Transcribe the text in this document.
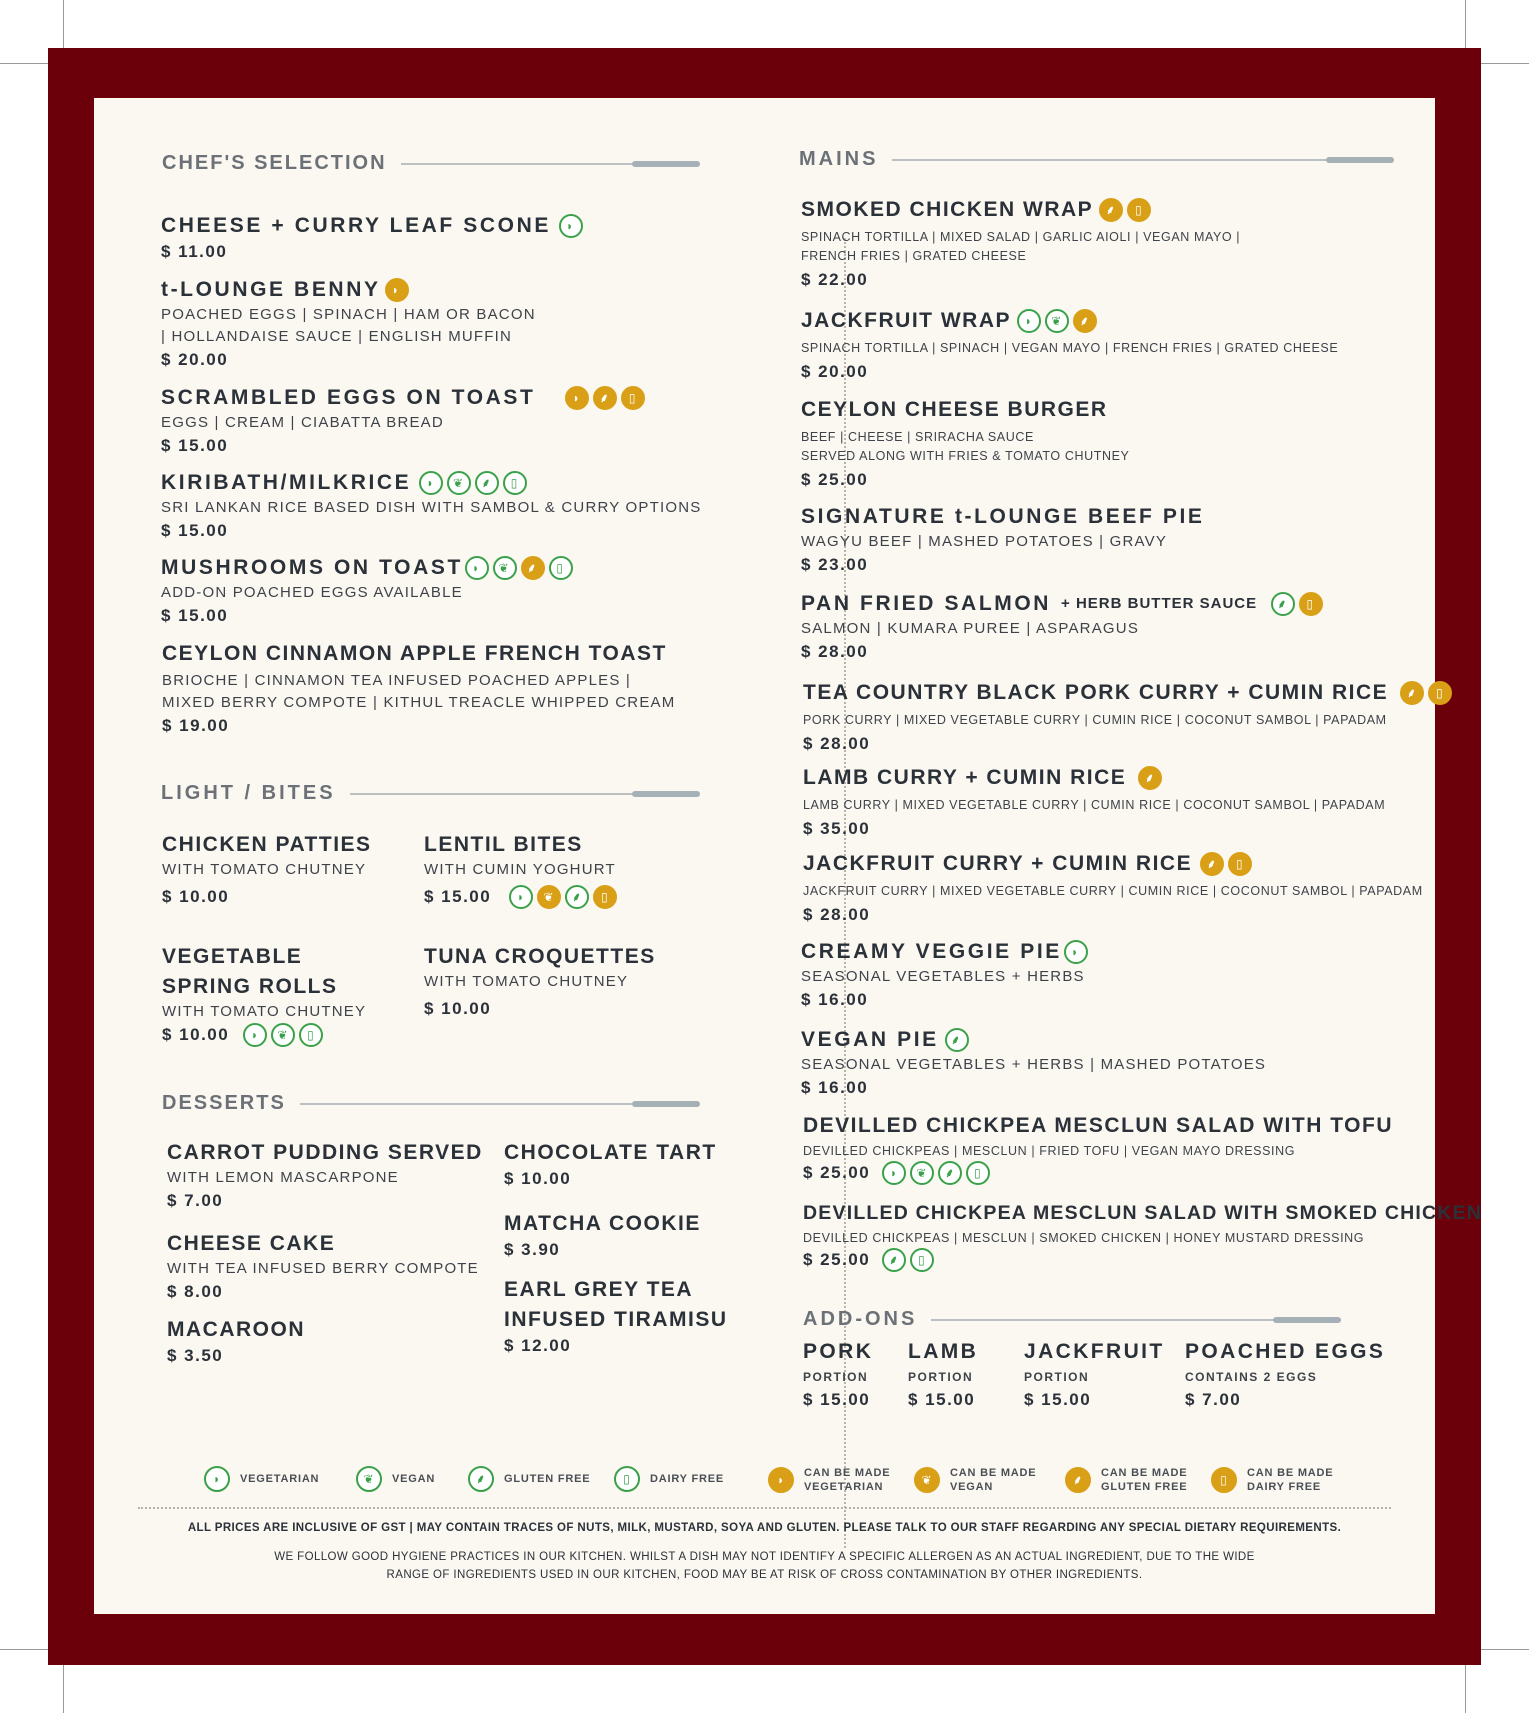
CHEF'S SELECTION
CHEESE + CURRY LEAF SCONE	◗
$ 11.00
t-LOUNGE BENNY ◗
POACHED EGGS | SPINACH | HAM OR BACON
| HOLLANDAISE SAUCE | ENGLISH MUFFIN
$ 20.00
SCRAMBLED EGGS ON TOAST	◗	⸙	▯
EGGS | CREAM | CIABATTA BREAD
$ 15.00
KIRIBATH/MILKRICE	◗	❦	⸙	▯
SRI LANKAN RICE BASED DISH WITH SAMBOL & CURRY OPTIONS
$ 15.00
MUSHROOMS ON TOAST ◗	❦	⸙	▯
ADD-ON POACHED EGGS AVAILABLE
$ 15.00
CEYLON CINNAMON APPLE FRENCH TOAST
BRIOCHE | CINNAMON TEA INFUSED POACHED APPLES |
MIXED BERRY COMPOTE | KITHUL TREACLE WHIPPED CREAM
$ 19.00
LIGHT / BITES
CHICKEN PATTIES
WITH TOMATO CHUTNEY
$ 10.00
LENTIL BITES
WITH CUMIN YOGHURT
$ 15.00	◗	❦	⸙	▯
VEGETABLE
SPRING ROLLS
WITH TOMATO CHUTNEY
$ 10.00	◗	❦	▯
TUNA CROQUETTES
WITH TOMATO CHUTNEY
$ 10.00
DESSERTS
CARROT PUDDING SERVED
WITH LEMON MASCARPONE
$ 7.00
CHEESE CAKE
WITH TEA INFUSED BERRY COMPOTE
$ 8.00
MACAROON
$ 3.50
CHOCOLATE TART
$ 10.00
MATCHA COOKIE
$ 3.90
EARL GREY TEA
INFUSED TIRAMISU
$ 12.00
MAINS
SMOKED CHICKEN WRAP	⸙	▯
SPINACH TORTILLA | MIXED SALAD | GARLIC AIOLI | VEGAN MAYO |
FRENCH FRIES | GRATED CHEESE
$ 22.00
JACKFRUIT WRAP	◗	❦	⸙
SPINACH TORTILLA | SPINACH | VEGAN MAYO | FRENCH FRIES | GRATED CHEESE
$ 20.00
CEYLON CHEESE BURGER
BEEF | CHEESE | SRIRACHA SAUCE
SERVED ALONG WITH FRIES & TOMATO CHUTNEY
$ 25.00
SIGNATURE t-LOUNGE BEEF PIE
WAGYU BEEF | MASHED POTATOES | GRAVY
$ 23.00
PAN FRIED SALMON + HERB BUTTER SAUCE	⸙	▯
SALMON | KUMARA PUREE | ASPARAGUS
$ 28.00
TEA COUNTRY BLACK PORK CURRY + CUMIN RICE	⸙	▯
PORK CURRY | MIXED VEGETABLE CURRY | CUMIN RICE | COCONUT SAMBOL | PAPADAM
$ 28.00
LAMB CURRY + CUMIN RICE	⸙
LAMB CURRY | MIXED VEGETABLE CURRY | CUMIN RICE | COCONUT SAMBOL | PAPADAM
$ 35.00
JACKFRUIT CURRY + CUMIN RICE	⸙	▯
JACKFRUIT CURRY | MIXED VEGETABLE CURRY | CUMIN RICE | COCONUT SAMBOL | PAPADAM
$ 28.00
CREAMY VEGGIE PIE ◗
SEASONAL VEGETABLES + HERBS
$ 16.00
VEGAN PIE	⸙
SEASONAL VEGETABLES + HERBS | MASHED POTATOES
$ 16.00
DEVILLED CHICKPEA MESCLUN SALAD WITH TOFU
DEVILLED CHICKPEAS | MESCLUN | FRIED TOFU | VEGAN MAYO DRESSING
$ 25.00	◗	❦	⸙	▯
DEVILLED CHICKPEA MESCLUN SALAD WITH SMOKED CHICKEN
DEVILLED CHICKPEAS | MESCLUN | SMOKED CHICKEN | HONEY MUSTARD DRESSING
$ 25.00	⸙	▯
ADD-ONS
PORK
PORTION
$ 15.00
LAMB
PORTION
$ 15.00
JACKFRUIT
PORTION
$ 15.00
POACHED EGGS
CONTAINS 2 EGGS
$ 7.00
◗	VEGETARIAN	❦	VEGAN	⸙	GLUTEN FREE	▯	DAIRY FREE	◗	CAN BE MADE
VEGETARIAN	❦	CAN BE MADE
VEGAN	⸙	CAN BE MADE
GLUTEN FREE	▯	CAN BE MADE
DAIRY FREE
ALL PRICES ARE INCLUSIVE OF GST | MAY CONTAIN TRACES OF NUTS, MILK, MUSTARD, SOYA AND GLUTEN. PLEASE TALK TO OUR STAFF REGARDING ANY SPECIAL DIETARY REQUIREMENTS.
WE FOLLOW GOOD HYGIENE PRACTICES IN OUR KITCHEN. WHILST A DISH MAY NOT IDENTIFY A SPECIFIC ALLERGEN AS AN ACTUAL INGREDIENT, DUE TO THE WIDE
RANGE OF INGREDIENTS USED IN OUR KITCHEN, FOOD MAY BE AT RISK OF CROSS CONTAMINATION BY OTHER INGREDIENTS.
